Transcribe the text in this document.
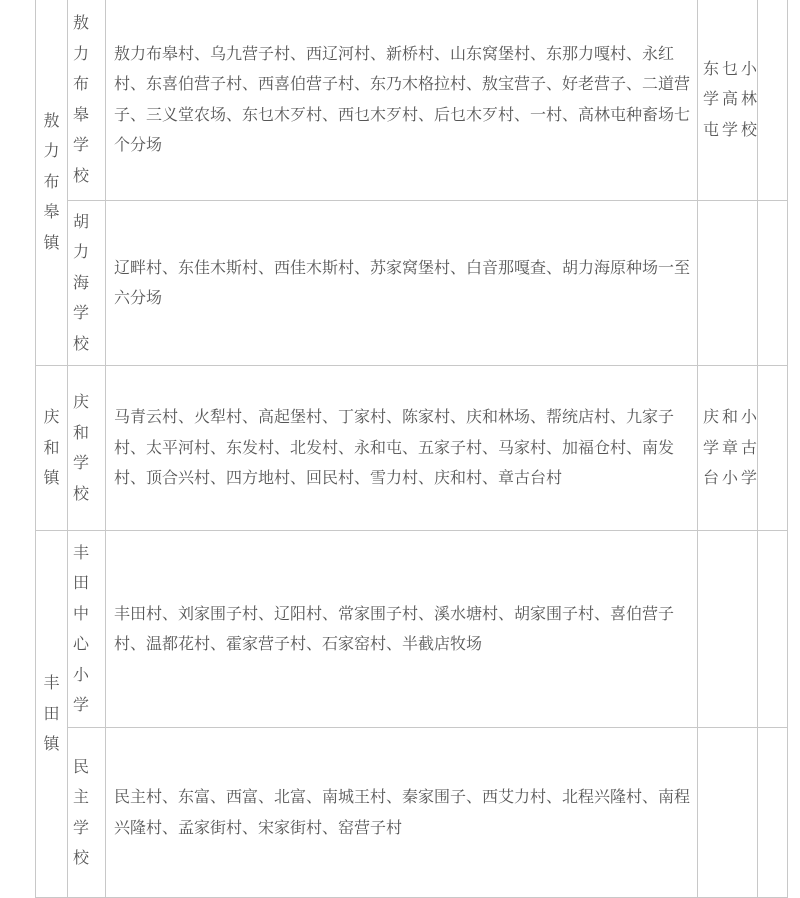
敖力布皋镇	敖力布皋学校	敖力布皋村、乌九营子村、西辽河村、新桥村、山东窝堡村、东那力嘎村、永红村、东喜伯营子村、西喜伯营子村、东乃木格拉村、敖宝营子、好老营子、二道营子、三义堂农场、东乜木歹村、西乜木歹村、后乜木歹村、一村、高林屯种畜场七个分场	东乜小学高林屯学校	
	胡力海学校	辽畔村、东佳木斯村、西佳木斯村、苏家窝堡村、白音那嘎查、胡力海原种场一至六分场		
庆和镇	庆和学校	马青云村、火犁村、高起堡村、丁家村、陈家村、庆和林场、帮统店村、九家子村、太平河村、东发村、北发村、永和屯、五家子村、马家村、加福仓村、南发村、顶合兴村、四方地村、回民村、雪力村、庆和村、章古台村	庆和小学章古台小学	
丰田镇	丰田中心小学	丰田村、刘家围子村、辽阳村、常家围子村、溪水塘村、胡家围子村、喜伯营子村、温都花村、霍家营子村、石家窑村、半截店牧场		
	民主学校	民主村、东富、西富、北富、南城王村、秦家围子、西艾力村、北程兴隆村、南程兴隆村、孟家街村、宋家街村、窑营子村		
